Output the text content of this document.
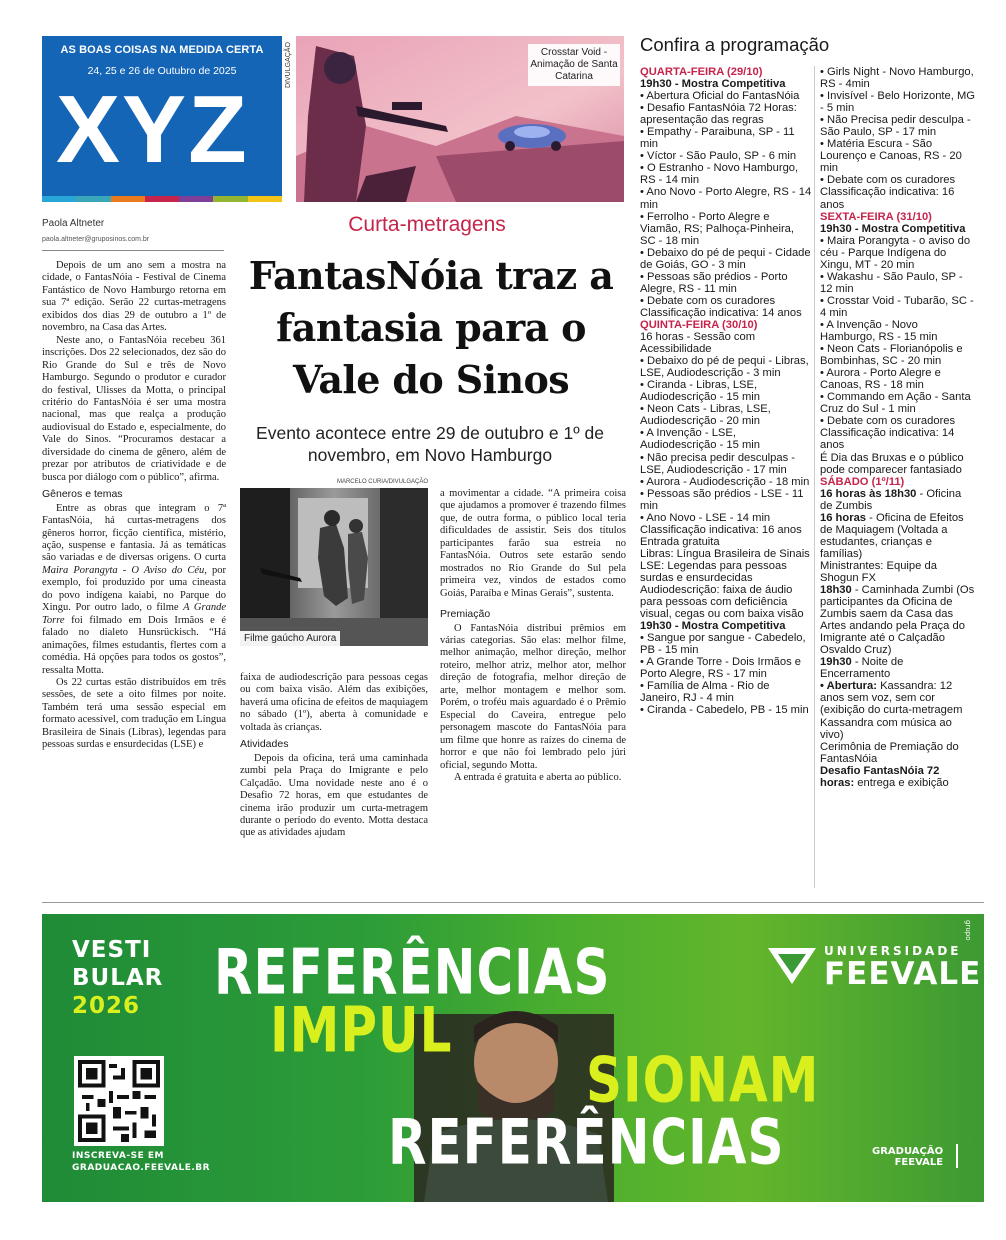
AS BOAS COISAS NA MEDIDA CERTA
24, 25 e 26 de Outubro de 2025
XYZ
DIVULGAÇÃO	Crosstar Void - Animação de Santa Catarina
Paola Altneter
paola.altneter@gruposinos.com.br
Curta-metragens
FantasNóia traz a fantasia para o Vale do Sinos
Evento acontece entre 29 de outubro e 1º de novembro, em Novo Hamburgo

Depois de um ano sem a mostra na cidade, o FantasNóia - Festival de Cinema Fantástico de Novo Hamburgo retorna em sua 7ª edição. Serão 22 curtas-metragens exibidos dos dias 29 de outubro a 1º de novembro, na Casa das Artes.

Neste ano, o FantasNóia recebeu 361 inscrições. Dos 22 selecionados, dez são do Rio Grande do Sul e três de Novo Hamburgo. Segundo o produtor e curador do festival, Ulisses da Motta, o principal critério do FantasNóia é ser uma mostra nacional, mas que realça a produção audiovisual do Estado e, especialmente, do Vale do Sinos. “Procuramos destacar a diversidade do cinema de gênero, além de prezar por atributos de criatividade e de busca por diálogo com o público”, afirma.

Gêneros e temas

Entre as obras que integram o 7ª FantasNóia, há curtas-metragens dos gêneros horror, ficção científica, mistério, ação, suspense e fantasia. Já as temáticas são variadas e de diversas origens. O curta Maira Porangyta - O Aviso do Céu, por exemplo, foi produzido por uma cineasta do povo indígena kaiabi, no Parque do Xingu. Por outro lado, o filme A Grande Torre foi filmado em Dois Irmãos e é falado no dialeto Hunsrückisch. “Há animações, filmes estudantis, flertes com a comédia. Há opções para todos os gostos”, ressalta Motta.

Os 22 curtas estão distribuídos em três sessões, de sete a oito filmes por noite. Também terá uma sessão especial em formato acessível, com tradução em Língua Brasileira de Sinais (Libras), legendas para pessoas surdas e ensurdecidas (LSE) e

MARCELO CURIA/DIVULGAÇÃO
Filme gaúcho Aurora

faixa de audiodescrição para pessoas cegas ou com baixa visão. Além das exibições, haverá uma oficina de efeitos de maquiagem no sábado (1º), aberta à comunidade e voltada às crianças.

Atividades

Depois da oficina, terá uma caminhada zumbi pela Praça do Imigrante e pelo Calçadão. Uma novidade neste ano é o Desafio 72 horas, em que estudantes de cinema irão produzir um curta-metragem durante o período do evento. Motta destaca que as atividades ajudam

a movimentar a cidade. “A primeira coisa que ajudamos a promover é trazendo filmes que, de outra forma, o público local teria dificuldades de assistir. Seis dos títulos participantes farão sua estreia no FantasNóia. Outros sete estarão sendo mostrados no Rio Grande do Sul pela primeira vez, vindos de estados como Goiás, Paraíba e Minas Gerais”, sustenta.

Premiação

O FantasNóia distribui prêmios em várias categorias. São elas: melhor filme, melhor animação, melhor direção, melhor roteiro, melhor atriz, melhor ator, melhor direção de fotografia, melhor direção de arte, melhor montagem e melhor som. Porém, o troféu mais aguardado é o Prêmio Especial do Caveira, entregue pelo personagem mascote do FantasNóia para um filme que honre as raízes do cinema de horror e que não foi lembrado pelo júri oficial, segundo Motta.

A entrada é gratuita e aberta ao público.

Confira a programação
QUARTA-FEIRA (29/10)
19h30 - Mostra Competitiva
• Abertura Oficial do FantasNóia
• Desafio FantasNóia 72 Horas: apresentação das regras
• Empathy - Paraibuna, SP - 11 min
• Víctor - São Paulo, SP - 6 min
• O Estranho - Novo Hamburgo, RS - 14 min
• Ano Novo - Porto Alegre, RS - 14 min
• Ferrolho - Porto Alegre e Viamão, RS; Palhoça-Pinheira, SC - 18 min
• Debaixo do pé de pequi - Cidade de Goiás, GO - 3 min
• Pessoas são prédios - Porto Alegre, RS - 11 min
• Debate com os curadores
Classificação indicativa: 14 anos
QUINTA-FEIRA (30/10)
16 horas - Sessão com Acessibilidade
• Debaixo do pé de pequi - Libras, LSE, Audiodescrição - 3 min
• Ciranda - Libras, LSE, Audiodescrição - 15 min
• Neon Cats - Libras, LSE, Audiodescrição - 20 min
• A Invenção - LSE, Audiodescrição - 15 min
• Não precisa pedir desculpas - LSE, Audiodescrição - 17 min
• Aurora - Audiodescrição - 18 min
• Pessoas são prédios - LSE - 11 min
• Ano Novo - LSE - 14 min
Classificação indicativa: 16 anos
Entrada gratuita
Libras: Língua Brasileira de Sinais
LSE: Legendas para pessoas surdas e ensurdecidas
Audiodescrição: faixa de áudio para pessoas com deficiência visual, cegas ou com baixa visão
19h30 - Mostra Competitiva
• Sangue por sangue - Cabedelo, PB - 15 min
• A Grande Torre - Dois Irmãos e Porto Alegre, RS - 17 min
• Família de Alma - Rio de Janeiro, RJ - 4 min
• Ciranda - Cabedelo, PB - 15 min
• Girls Night - Novo Hamburgo, RS - 4min
• Invisível - Belo Horizonte, MG - 5 min
• Não Precisa pedir desculpa - São Paulo, SP - 17 min
• Matéria Escura - São Lourenço e Canoas, RS - 20 min
• Debate com os curadores
Classificação indicativa: 16 anos
SEXTA-FEIRA (31/10)
19h30 - Mostra Competitiva
• Maira Porangyta - o aviso do céu - Parque Indígena do Xingu, MT - 20 min
• Wakashu - São Paulo, SP - 12 min
• Crosstar Void - Tubarão, SC - 4 min
• A Invenção - Novo Hamburgo, RS - 15 min
• Neon Cats - Florianópolis e Bombinhas, SC - 20 min
• Aurora - Porto Alegre e Canoas, RS - 18 min
• Commando em Ação - Santa Cruz do Sul - 1 min
• Debate com os curadores
Classificação indicativa: 14 anos
É Dia das Bruxas e o público pode comparecer fantasiado
SÁBADO (1º/11)
16 horas às 18h30 - Oficina de Zumbis
16 horas - Oficina de Efeitos de Maquiagem (Voltada a estudantes, crianças e famílias)
Ministrantes: Equipe da Shogun FX
18h30 - Caminhada Zumbi (Os participantes da Oficina de Zumbis saem da Casa das Artes andando pela Praça do Imigrante até o Calçadão Osvaldo Cruz)
19h30 - Noite de Encerramento
• Abertura: Kassandra: 12 anos sem voz, sem cor (exibição do curta-metragem Kassandra com música ao vivo)
Cerimônia de Premiação do FantasNóia
Desafio FantasNóia 72 horas: entrega e exibição
VESTI
BULAR
2026
INSCREVA-SE EM
GRADUACAO.FEEVALE.BR
REFERÊNCIAS
IMPUL
SIONAM
REFERÊNCIAS
UNIVERSIDADE
FEEVALE
GRADUAÇÃO
FEEVALE
grupo
